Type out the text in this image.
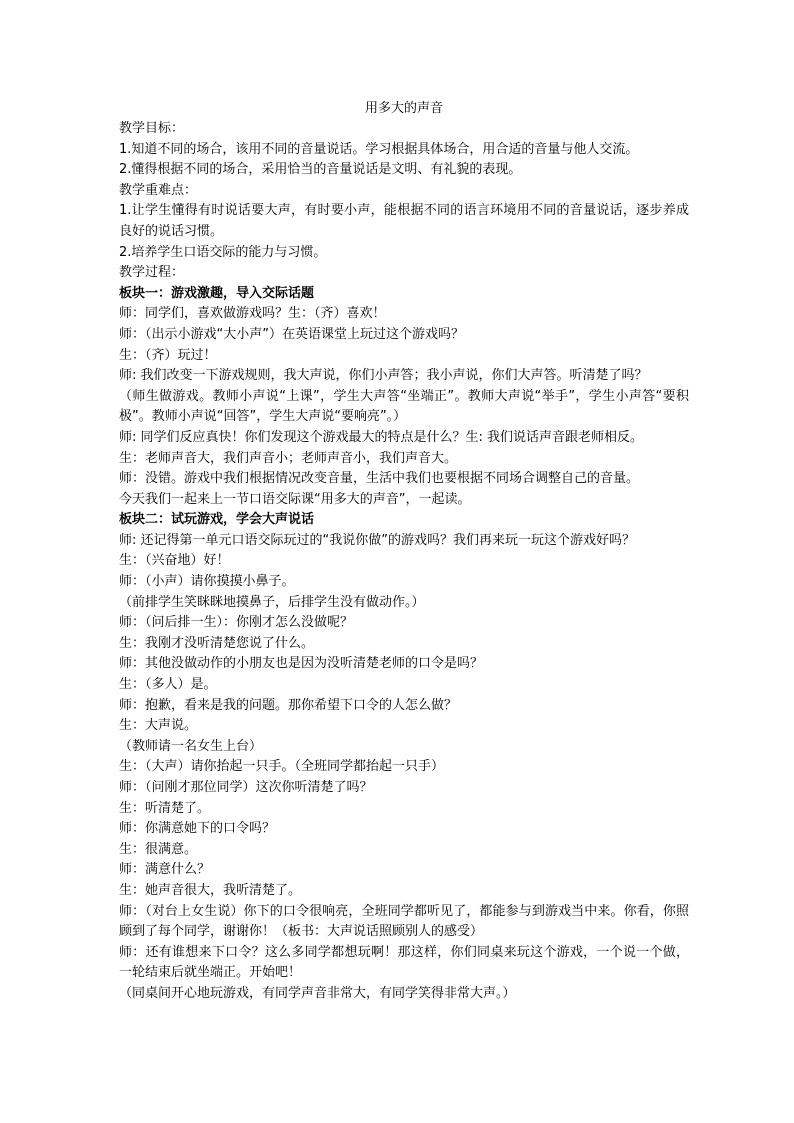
用多大的声音

教学目标：

1.知道不同的场合，该用不同的音量说话。学习根据具体场合，用合适的音量与他人交流。

2.懂得根据不同的场合，采用恰当的音量说话是文明、有礼貌的表现。

教学重难点：

1.让学生懂得有时说话要大声，有时要小声，能根据不同的语言环境用不同的音量说话，逐步养成良好的说话习惯。

2.培养学生口语交际的能力与习惯。

教学过程：

板块一：游戏激趣，导入交际话题

师：同学们，喜欢做游戏吗？生：（齐）喜欢！

师：（出示小游戏“大小声”）在英语课堂上玩过这个游戏吗？

生：（齐）玩过！

师: 我们改变一下游戏规则，我大声说，你们小声答；我小声说，你们大声答。听清楚了吗？

（师生做游戏。教师小声说“上课”，学生大声答“坐端正”。教师大声说“举手”，学生小声答“要积极”。教师小声说“回答”，学生大声说“要响亮”。）

师: 同学们反应真快！你们发现这个游戏最大的特点是什么？生: 我们说话声音跟老师相反。

生：老师声音大，我们声音小；老师声音小，我们声音大。

师：没错。游戏中我们根据情况改变音量，生活中我们也要根据不同场合调整自己的音量。

今天我们一起来上一节口语交际课“用多大的声音”，一起读。

板块二：试玩游戏，学会大声说话

师: 还记得第一单元口语交际玩过的“我说你做”的游戏吗？我们再来玩一玩这个游戏好吗？

生：（兴奋地）好！

师：（小声）请你摸摸小鼻子。

（前排学生笑眯眯地摸鼻子，后排学生没有做动作。）

师：（问后排一生）：你刚才怎么没做呢？

生：我刚才没听清楚您说了什么。

师：其他没做动作的小朋友也是因为没听清楚老师的口令是吗？

生：（多人）是。

师：抱歉，看来是我的问题。那你希望下口令的人怎么做？

生：大声说。

（教师请一名女生上台）

生：（大声）请你抬起一只手。（全班同学都抬起一只手）

师：（问刚才那位同学）这次你听清楚了吗？

生：听清楚了。

师：你满意她下的口令吗？

生：很满意。

师：满意什么？

生：她声音很大，我听清楚了。

师：（对台上女生说）你下的口令很响亮，全班同学都听见了，都能参与到游戏当中来。你看，你照顾到了每个同学，谢谢你！（板书：大声说话照顾别人的感受）

师：还有谁想来下口令？这么多同学都想玩啊！那这样，你们同桌来玩这个游戏，一个说一个做，一轮结束后就坐端正。开始吧！

（同桌间开心地玩游戏，有同学声音非常大，有同学笑得非常大声。）
